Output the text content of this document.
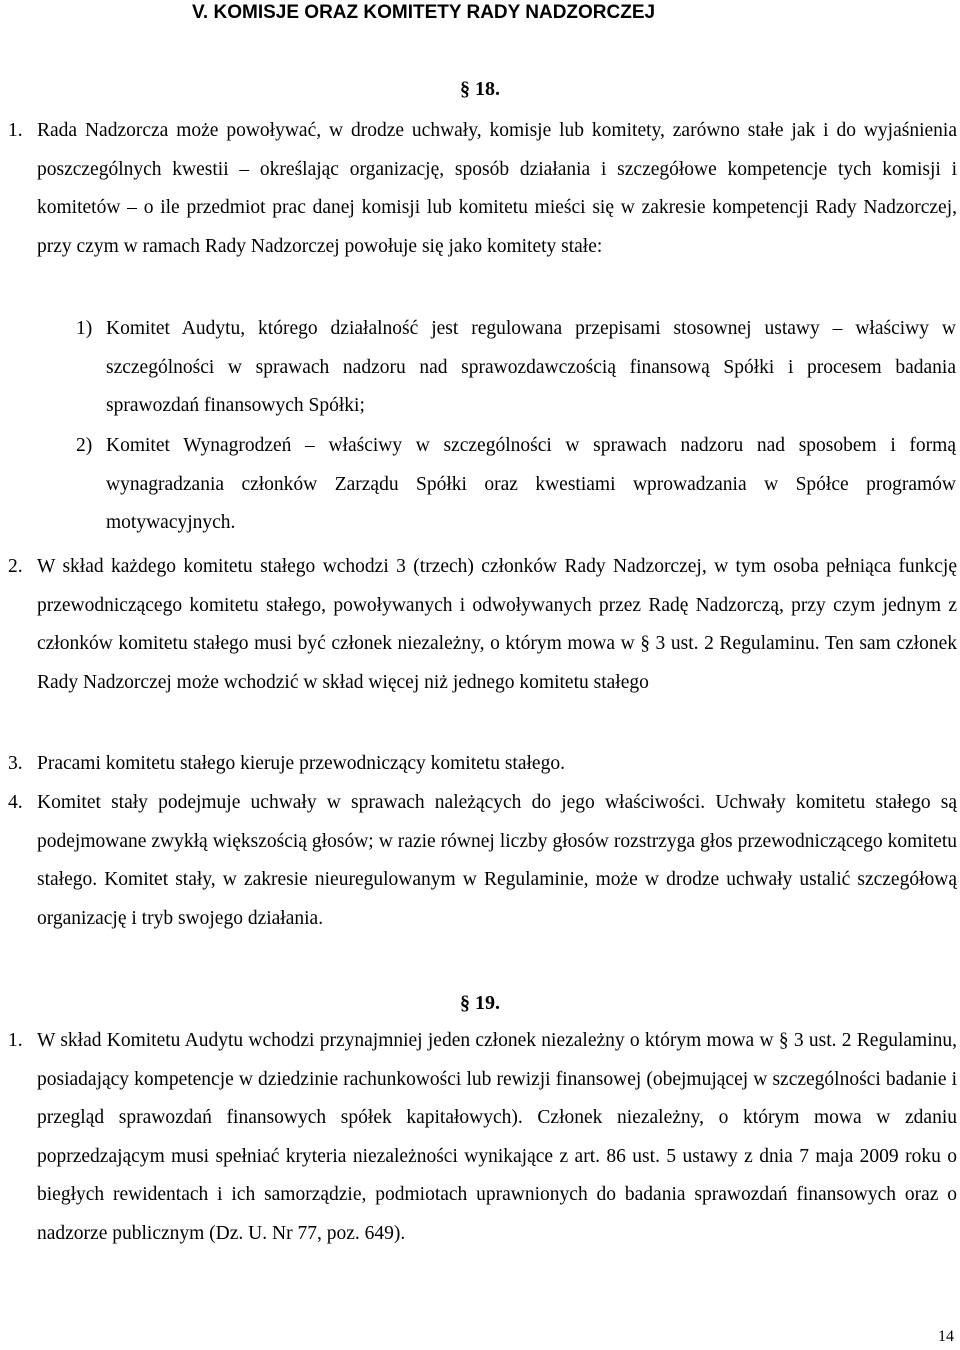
V. KOMISJE ORAZ KOMITETY RADY NADZORCZEJ
§ 18.
1. Rada Nadzorcza może powoływać, w drodze uchwały, komisje lub komitety, zarówno stałe jak i do wyjaśnienia poszczególnych kwestii – określając organizację, sposób działania i szczegółowe kompetencje tych komisji i komitetów – o ile przedmiot prac danej komisji lub komitetu mieści się w zakresie kompetencji Rady Nadzorczej, przy czym w ramach Rady Nadzorczej powołuje się jako komitety stałe:
1) Komitet Audytu, którego działalność jest regulowana przepisami stosownej ustawy – właściwy w szczególności w sprawach nadzoru nad sprawozdawczością finansową Spółki i procesem badania sprawozdań finansowych Spółki;
2) Komitet Wynagrodzeń – właściwy w szczególności w sprawach nadzoru nad sposobem i formą wynagradzania członków Zarządu Spółki oraz kwestiami wprowadzania w Spółce programów motywacyjnych.
2. W skład każdego komitetu stałego wchodzi 3 (trzech) członków Rady Nadzorczej, w tym osoba pełniąca funkcję przewodniczącego komitetu stałego, powoływanych i odwoływanych przez Radę Nadzorczą, przy czym jednym z członków komitetu stałego musi być członek niezależny, o którym mowa w § 3 ust. 2 Regulaminu. Ten sam członek Rady Nadzorczej może wchodzić w skład więcej niż jednego komitetu stałego
3. Pracami komitetu stałego kieruje przewodniczący komitetu stałego.
4. Komitet stały podejmuje uchwały w sprawach należących do jego właściwości. Uchwały komitetu stałego są podejmowane zwykłą większością głosów; w razie równej liczby głosów rozstrzyga głos przewodniczącego komitetu stałego. Komitet stały, w zakresie nieuregulowanym w Regulaminie, może w drodze uchwały ustalić szczegółową organizację i tryb swojego działania.
§ 19.
1. W skład Komitetu Audytu wchodzi przynajmniej jeden członek niezależny o którym mowa w § 3 ust. 2 Regulaminu, posiadający kompetencje w dziedzinie rachunkowości lub rewizji finansowej (obejmującej w szczególności badanie i przegląd sprawozdań finansowych spółek kapitałowych). Członek niezależny, o którym mowa w zdaniu poprzedzającym musi spełniać kryteria niezależności wynikające z art. 86 ust. 5 ustawy z dnia 7 maja 2009 roku o biegłych rewidentach i ich samorządzie, podmiotach uprawnionych do badania sprawozdań finansowych oraz o nadzorze publicznym (Dz. U. Nr 77, poz. 649).
14
